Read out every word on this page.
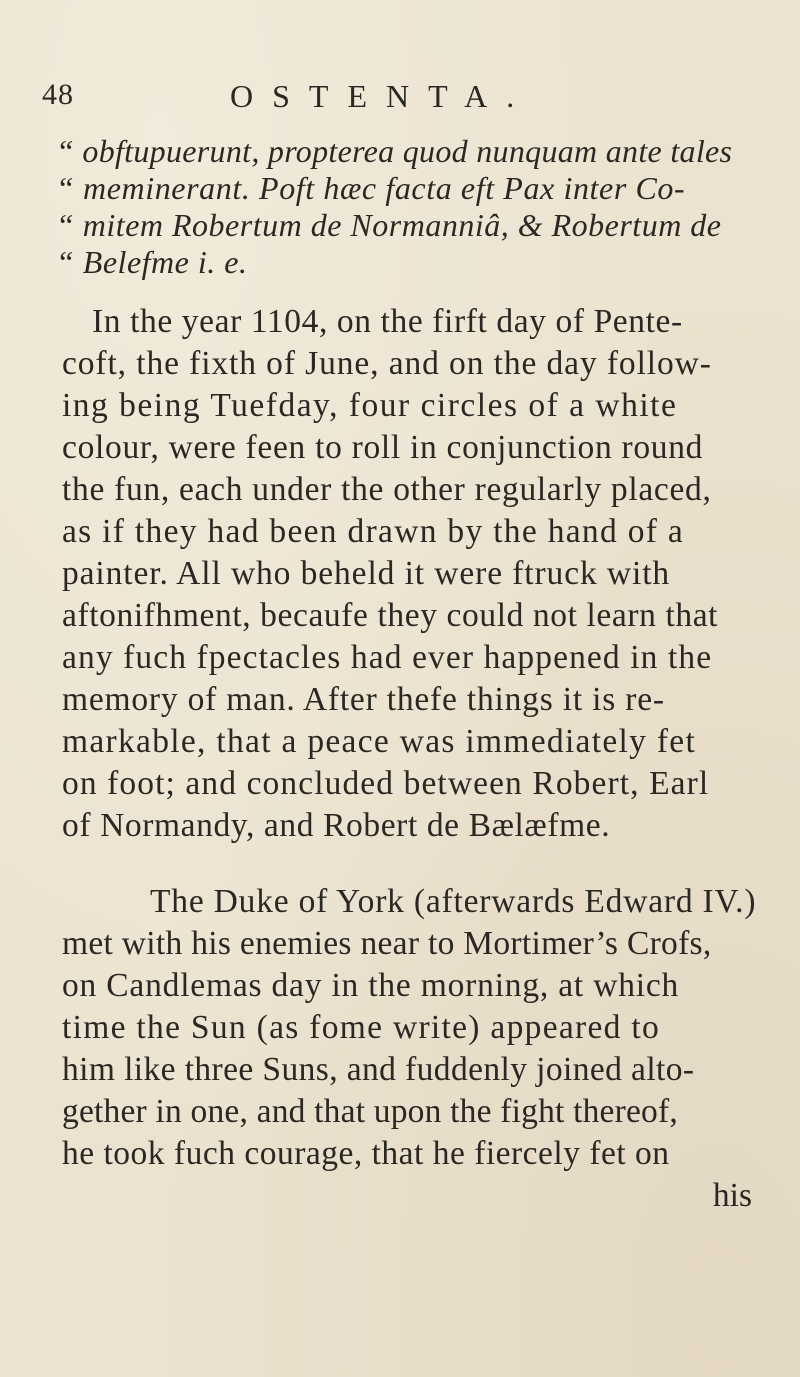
48	OSTENTA.
“ obftupuerunt, propterea quod nunquam ante tales
“ meminerant. Poft hæc facta eft Pax inter Co-
“ mitem Robertum de Normanniâ, & Robertum de
“ Belefme i. e.
In the year 1104, on the firft day of Pente-
coft, the fixth of June, and on the day follow-
ing being Tuefday, four circles of a white
colour, were feen to roll in conjunction round
the fun, each under the other regularly placed,
as if they had been drawn by the hand of a
painter. All who beheld it were ftruck with
aftonifhment, becaufe they could not learn that
any fuch fpectacles had ever happened in the
memory of man. After thefe things it is re-
markable, that a peace was immediately fet
on foot; and concluded between Robert, Earl
of Normandy, and Robert de Bælæfme.
The Duke of York (afterwards Edward IV.)
met with his enemies near to Mortimer’s Crofs,
on Candlemas day in the morning, at which
time the Sun (as fome write) appeared to
him like three Suns, and fuddenly joined alto-
gether in one, and that upon the fight thereof,
he took fuch courage, that he fiercely fet on
his
